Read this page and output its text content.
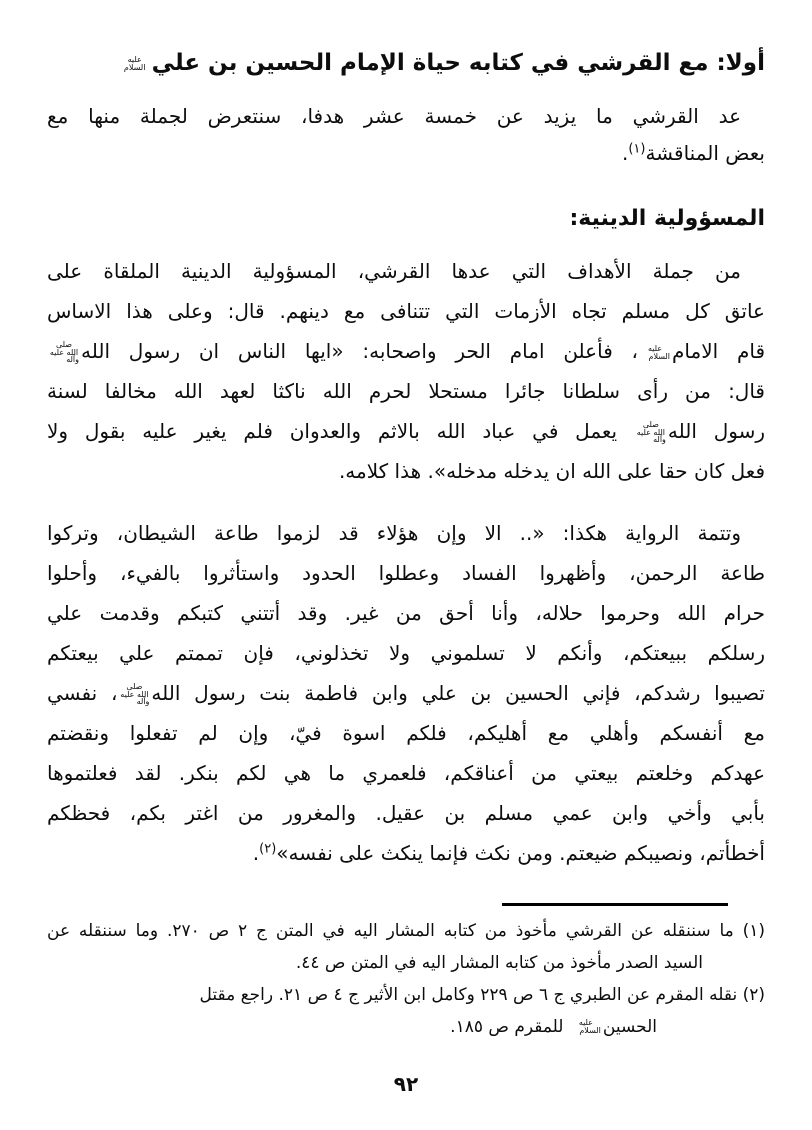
أولا: مع القرشي في كتابه حياة الإمام الحسين بن عليعليه السلام
عد القرشي ما يزيد عن خمسة عشر هدفا، سنتعرض لجملة منها مع
بعض المناقشة$^{(١)}$.
المسؤولية الدينية:
من جملة الأهداف التي عدها القرشي، المسؤولية الدينية الملقاة على
عاتق كل مسلم تجاه الأزمات التي تتنافى مع دينهم. قال: وعلى هذا الاساس
قام الامامعليه السلام، فأعلن امام الحر واصحابه: «ايها الناس ان رسول اللهصلى الله عليه وآله
قال: من رأى سلطانا جائرا مستحلا لحرم الله ناكثا لعهد الله مخالفا لسنة
رسول اللهصلى الله عليه وآله يعمل في عباد الله بالاثم والعدوان فلم يغير عليه بقول ولا
فعل كان حقا على الله ان يدخله مدخله». هذا كلامه.
وتتمة الرواية هكذا: «.. الا وإن هؤلاء قد لزموا طاعة الشيطان، وتركوا
طاعة الرحمن، وأظهروا الفساد وعطلوا الحدود واستأثروا بالفيء، وأحلوا
حرام الله وحرموا حلاله، وأنا أحق من غير. وقد أتتني كتبكم وقدمت علي
رسلكم ببيعتكم، وأنكم لا تسلموني ولا تخذلوني، فإن تممتم علي بيعتكم
تصيبوا رشدكم، فإني الحسين بن علي وابن فاطمة بنت رسول اللهصلى الله عليه وآله، نفسي
مع أنفسكم وأهلي مع أهليكم، فلكم اسوة فيّ، وإن لم تفعلوا ونقضتم
عهدكم وخلعتم بيعتي من أعناقكم، فلعمري ما هي لكم بنكر. لقد فعلتموها
بأبي وأخي وابن عمي مسلم بن عقيل. والمغرور من اغتر بكم، فحظكم
أخطأتم، ونصيبكم ضيعتم. ومن نكث فإنما ينكث على نفسه»$^{(٢)}$.
(١) ما سننقله عن القرشي مأخوذ من كتابه المشار اليه في المتن ج ٢ ص ٢٧٠. وما سننقله عن
السيد الصدر مأخوذ من كتابه المشار اليه في المتن ص ٤٤.
(٢) نقله المقرم عن الطبري ج ٦ ص ٢٢٩ وكامل ابن الأثير ج ٤ ص ٢١. راجع مقتل
الحسينعليه السلام للمقرم ص ١٨٥.
٩٢
